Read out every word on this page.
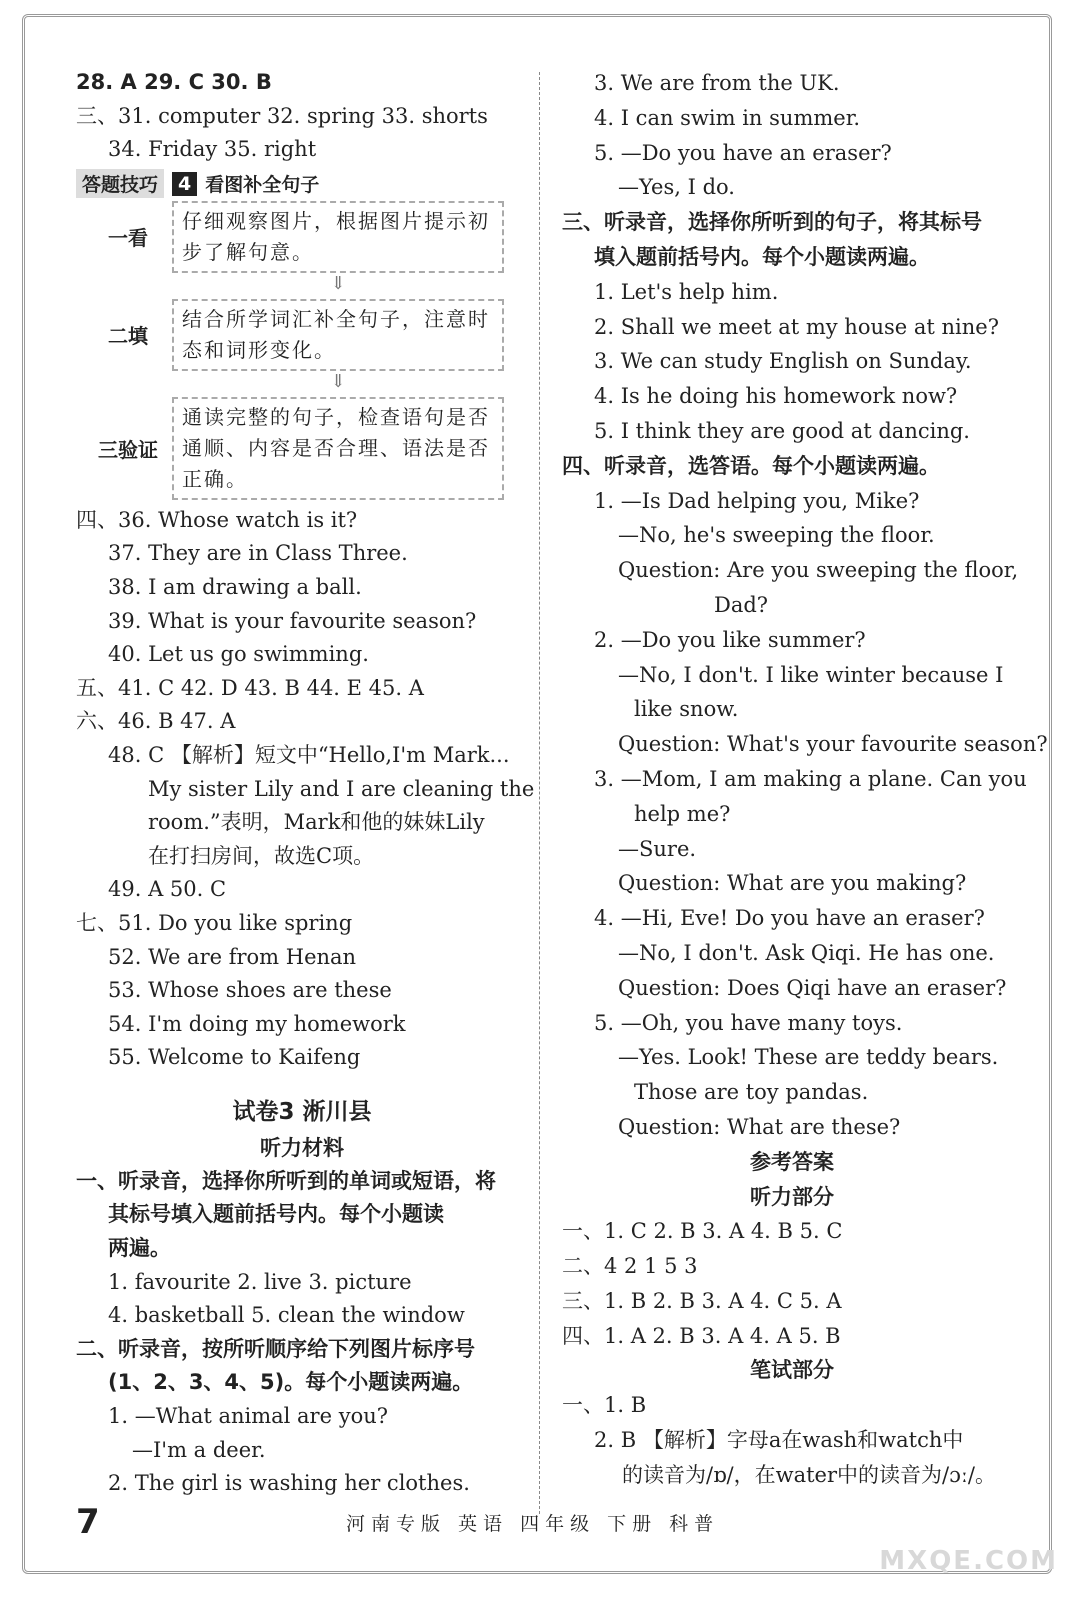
28. A 29. C 30. B
三、31. computer 32. spring 33. shorts
34. Friday 35. right
答题技巧	4 看图补全句子
一看
仔细观察图片，根据图片提示初步了解句意。
⇓
二填
结合所学词汇补全句子，注意时态和词形变化。
⇓
三验证
通读完整的句子，检查语句是否通顺、内容是否合理、语法是否正确。
四、36. Whose watch is it?
37. They are in Class Three.
38. I am drawing a ball.
39. What is your favourite season?
40. Let us go swimming.
五、41. C 42. D 43. B 44. E 45. A
六、46. B 47. A
48. C 【解析】短文中“Hello,I'm Mark...
My sister Lily and I are cleaning the
room.”表明，Mark和他的妹妹Lily
在打扫房间，故选C项。
49. A 50. C
七、51. Do you like spring
52. We are from Henan
53. Whose shoes are these
54. I'm doing my homework
55. Welcome to Kaifeng
试卷3 淅川县
听力材料
一、听录音，选择你所听到的单词或短语，将
其标号填入题前括号内。每个小题读
两遍。
1. favourite 2. live 3. picture
4. basketball 5. clean the window
二、听录音，按所听顺序给下列图片标序号
(1、2、3、4、5)。每个小题读两遍。
1. —What animal are you?
—I'm a deer.
2. The girl is washing her clothes.
3. We are from the UK.
4. I can swim in summer.
5. —Do you have an eraser?
—Yes, I do.
三、听录音，选择你所听到的句子，将其标号
填入题前括号内。每个小题读两遍。
1. Let's help him.
2. Shall we meet at my house at nine?
3. We can study English on Sunday.
4. Is he doing his homework now?
5. I think they are good at dancing.
四、听录音，选答语。每个小题读两遍。
1. —Is Dad helping you, Mike?
—No, he's sweeping the floor.
Question: Are you sweeping the floor,
Dad?
2. —Do you like summer?
—No, I don't. I like winter because I
like snow.
Question: What's your favourite season?
3. —Mom, I am making a plane. Can you
help me?
—Sure.
Question: What are you making?
4. —Hi, Eve! Do you have an eraser?
—No, I don't. Ask Qiqi. He has one.
Question: Does Qiqi have an eraser?
5. —Oh, you have many toys.
—Yes. Look! These are teddy bears.
Those are toy pandas.
Question: What are these?
参考答案
听力部分
一、1. C 2. B 3. A 4. B 5. C
二、4 2 1 5 3
三、1. B 2. B 3. A 4. C 5. A
四、1. A 2. B 3. A 4. A 5. B
笔试部分
一、1. B
2. B 【解析】字母a在wash和watch中
的读音为/ɒ/，在water中的读音为/ɔː/。
7	河南专版 英语 四年级 下册 科普
MXQE.COM
